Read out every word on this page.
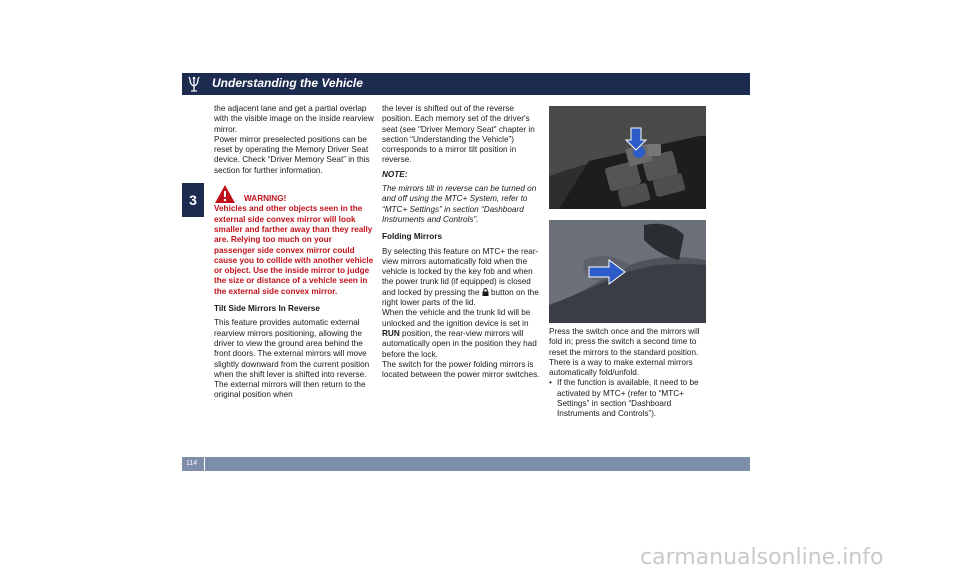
Understanding the Vehicle
3

the adjacent lane and get a partial overlap with the visible image on the inside rearview mirror.

Power mirror preselected positions can be reset by operating the Memory Driver Seat device. Check “Driver Memory Seat” in this section for further information.

WARNING!

Vehicles and other objects seen in the external side convex mirror will look smaller and farther away than they really are. Relying too much on your passenger side convex mirror could cause you to collide with another vehicle or object. Use the inside mirror to judge the size or distance of a vehicle seen in the external side convex mirror.

Tilt Side Mirrors In Reverse

This feature provides automatic external rearview mirrors positioning, allowing the driver to view the ground area behind the front doors. The external mirrors will move slightly downward from the current position when the shift lever is shifted into reverse. The external mirrors will then return to the original position when

the lever is shifted out of the reverse position. Each memory set of the driver's seat (see "Driver Memory Seat" chapter in section “Understanding the Vehicle”) corresponds to a mirror tilt position in reverse.

NOTE:

The mirrors tilt in reverse can be turned on and off using the MTC+ System, refer to “MTC+ Settings” in section “Dashboard Instruments and Controls”.

Folding Mirrors

By selecting this feature on MTC+ the rear-view mirrors automatically fold when the vehicle is locked by the key fob and when the power trunk lid (if equipped) is closed and locked by pressing the button on the right lower parts of the lid.

When the vehicle and the trunk lid will be unlocked and the ignition device is set in RUN position, the rear-view mirrors will automatically open in the position they had before the lock.

The switch for the power folding mirrors is located between the power mirror switches.

Press the switch once and the mirrors will fold in; press the switch a second time to reset the mirrors to the standard position.

There is a way to make external mirrors automatically fold/unfold.

• If the function is available, it need to be activated by MTC+ (refer to “MTC+ Settings” in section “Dashboard Instruments and Controls”).
114
carmanualsonline.info
